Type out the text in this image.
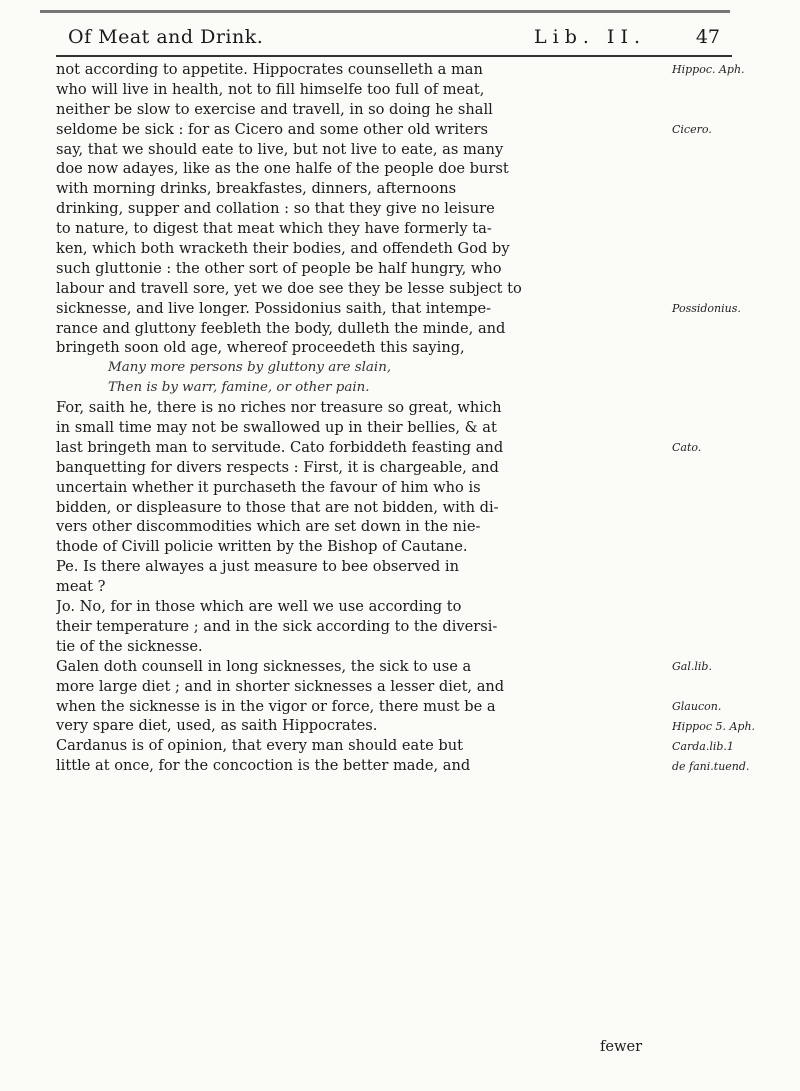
Of Meat and Drink.	Lib. II.	47
not according to appetite. Hippocrates counselleth a man
who will live in health, not to fill himselfe too full of meat,
neither be slow to exercise and travell, in so doing he shall
seldome be sick : for as Cicero and some other old writers
say, that we should eate to live, but not live to eate, as many
doe now adayes, like as the one halfe of the people doe burst
with morning drinks, breakfastes, dinners, afternoons
drinking, supper and collation : so that they give no leisure
to nature, to digest that meat which they have formerly ta-
ken, which both wracketh their bodies, and offendeth God by
such gluttonie : the other sort of people be half hungry, who
labour and travell sore, yet we doe see they be lesse subject to
sicknesse, and live longer. Possidonius saith, that intempe-
rance and gluttony feebleth the body, dulleth the minde, and
bringeth soon old age, whereof proceedeth this saying,
Many more persons by gluttony are slain,
Then is by warr, famine, or other pain.
For, saith he, there is no riches nor treasure so great, which
in small time may not be swallowed up in their bellies, & at
last bringeth man to servitude. Cato forbiddeth feasting and
banquetting for divers respects : First, it is chargeable, and
uncertain whether it purchaseth the favour of him who is
bidden, or displeasure to those that are not bidden, with di-
vers other discommodities which are set down in the nie-
thode of Civill policie written by the Bishop of Cautane.
Pe. Is there alwayes a just measure to bee observed in
meat ?
Jo. No, for in those which are well we use according to
their temperature ; and in the sick according to the diversi-
tie of the sicknesse.
Galen doth counsell in long sicknesses, the sick to use a
more large diet ; and in shorter sicknesses a lesser diet, and
when the sicknesse is in the vigor or force, there must be a
very spare diet, used, as saith Hippocrates.
Cardanus is of opinion, that every man should eate but
little at once, for the concoction is the better made, and
Hippoc. Aph.
Cicero.
Possidonius.
Cato.
Gal.lib.
Glaucon.
Hippoc 5. Aph.
Carda.lib.1
de fani.tuend.
fewer
